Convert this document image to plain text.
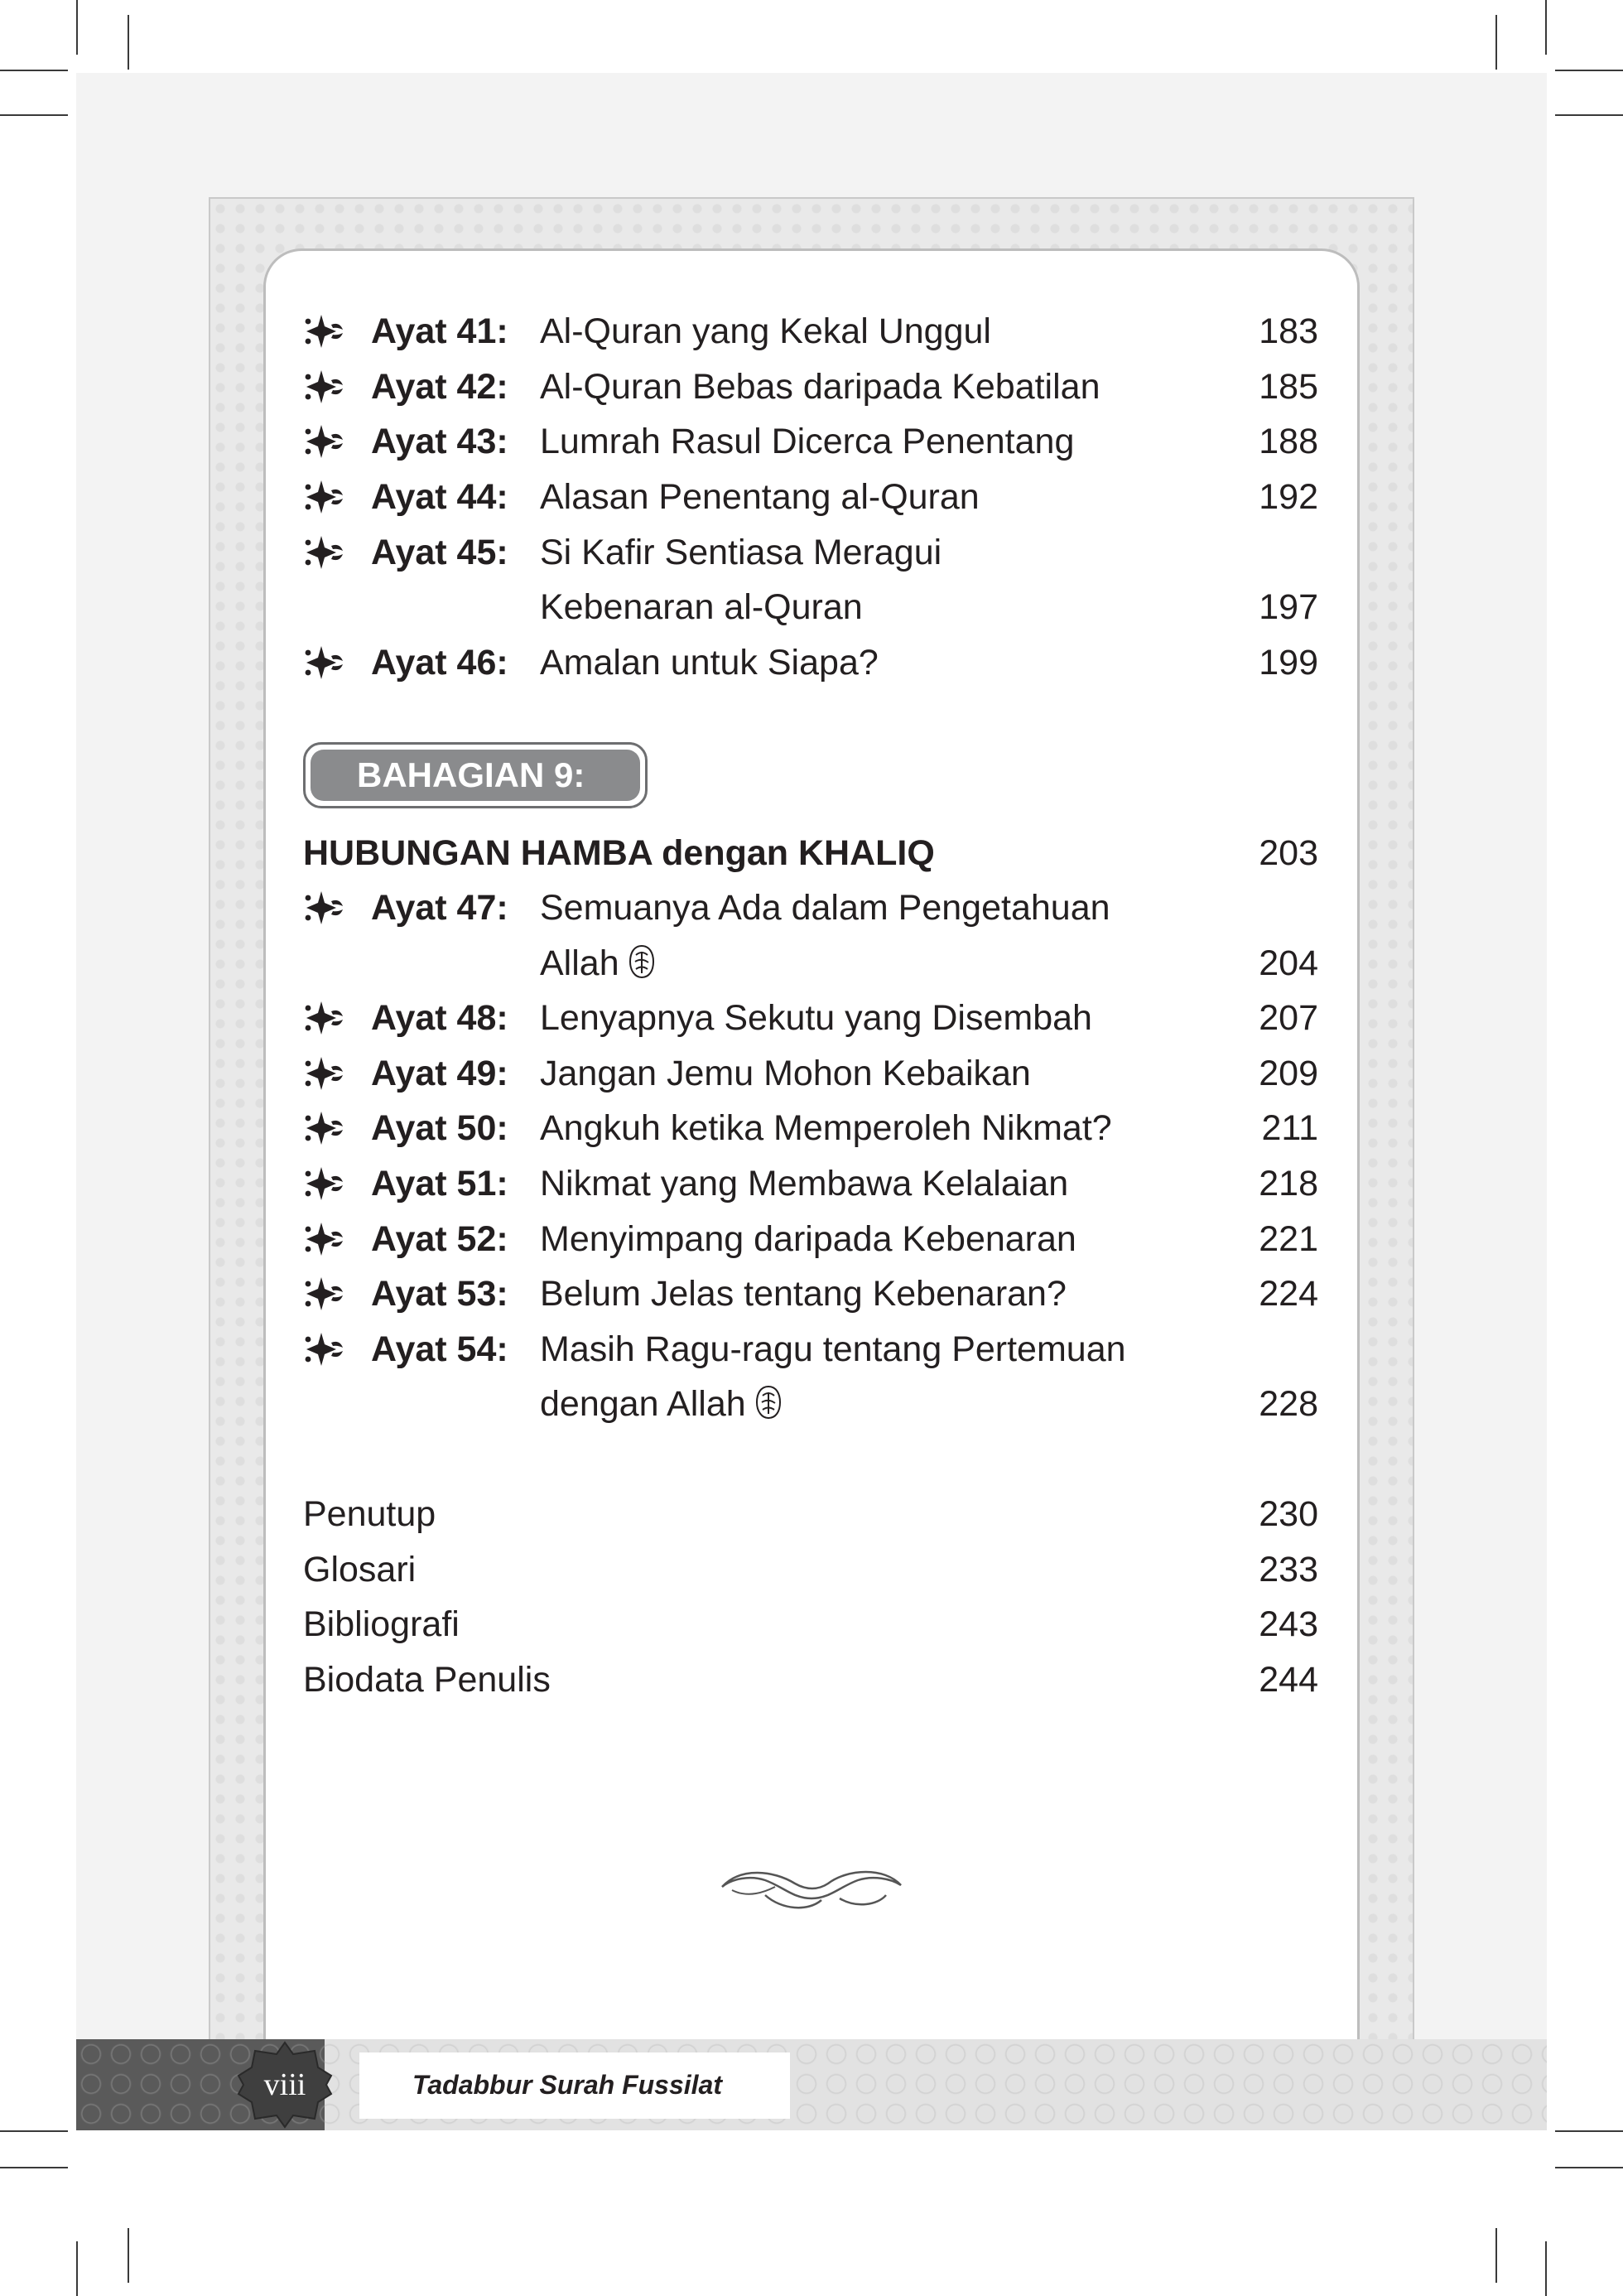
Ayat 41: Al-Quran yang Kekal Unggul	183
Ayat 42: Al-Quran Bebas daripada Kebatilan	185
Ayat 43: Lumrah Rasul Dicerca Penentang	188
Ayat 44: Alasan Penentang al-Quran	192
Ayat 45: Si Kafir Sentiasa Meragui
Kebenaran al-Quran	197
Ayat 46: Amalan untuk Siapa?	199
BAHAGIAN 9:
HUBUNGAN HAMBA dengan KHALIQ	203
Ayat 47: Semuanya Ada dalam Pengetahuan
Allah	204
Ayat 48: Lenyapnya Sekutu yang Disembah	207
Ayat 49: Jangan Jemu Mohon Kebaikan	209
Ayat 50: Angkuh ketika Memperoleh Nikmat?	211
Ayat 51: Nikmat yang Membawa Kelalaian	218
Ayat 52: Menyimpang daripada Kebenaran	221
Ayat 53: Belum Jelas tentang Kebenaran?	224
Ayat 54: Masih Ragu-ragu tentang Pertemuan
dengan Allah	228
Penutup	230
Glosari	233
Bibliografi	243
Biodata Penulis	244
viii	Tadabbur Surah Fussilat
